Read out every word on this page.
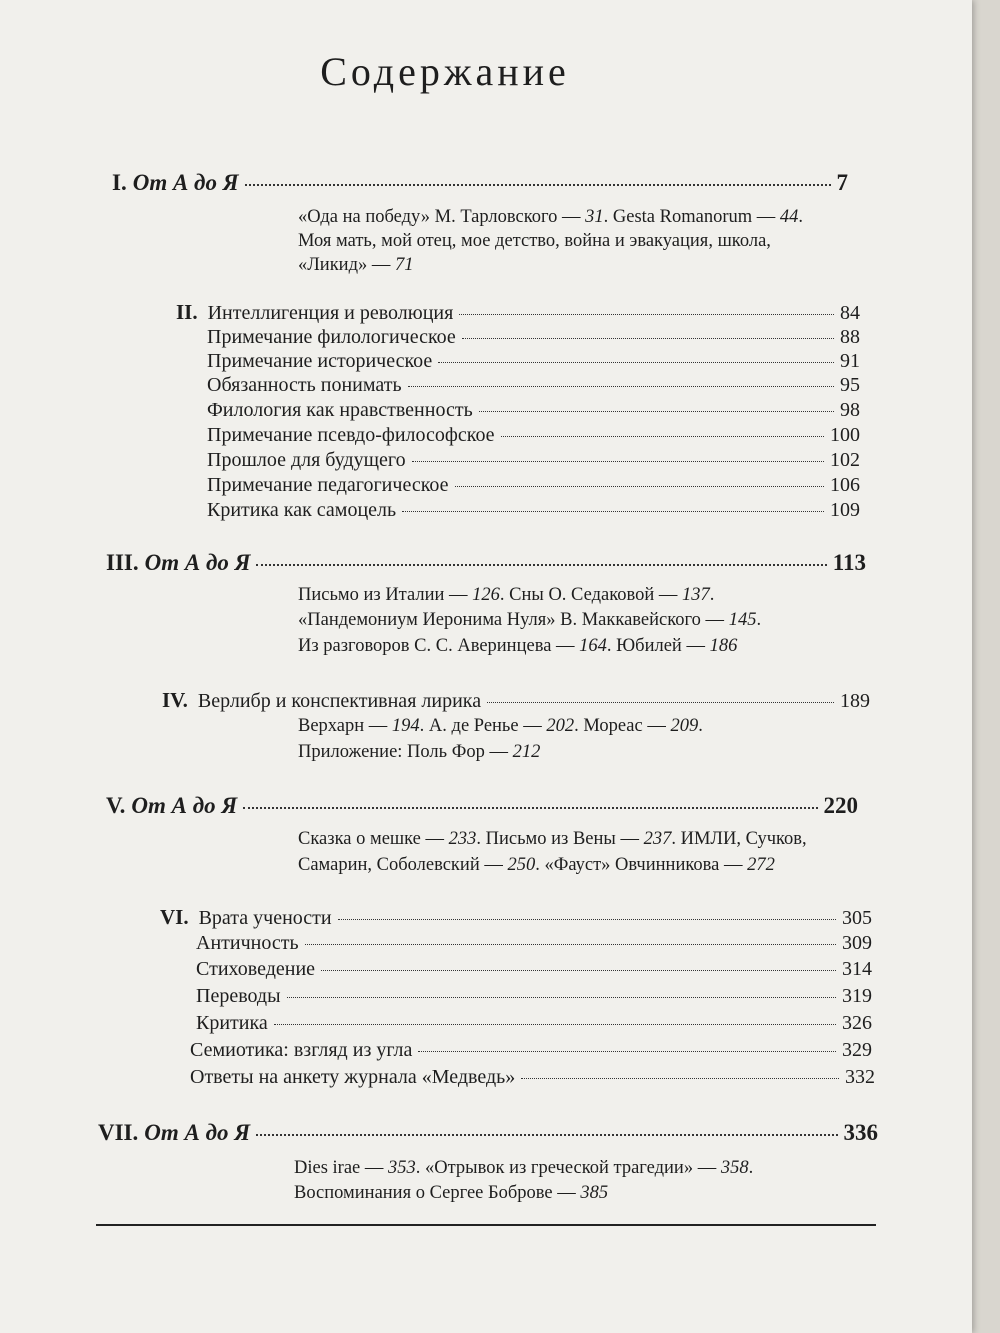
Содержание
I. От А до Я	7
«Ода на победу» М. Тарловского — 31. Gesta Romanorum — 44.
Моя мать, мой отец, мое детство, война и эвакуация, школа,
«Ликид» — 71
II. Интеллигенция и революция	84
Примечание филологическое	88
Примечание историческое	91
Обязанность понимать	95
Филология как нравственность	98
Примечание псевдо-философское	100
Прошлое для будущего	102
Примечание педагогическое	106
Критика как самоцель	109
III. От А до Я	113
Письмо из Италии — 126. Сны О. Седаковой — 137.
«Пандемониум Иеронима Нуля» В. Маккавейского — 145.
Из разговоров С. С. Аверинцева — 164. Юбилей — 186
IV. Верлибр и конспективная лирика	189
Верхарн — 194. А. де Ренье — 202. Мореас — 209.
Приложение: Поль Фор — 212
V. От А до Я	220
Сказка о мешке — 233. Письмо из Вены — 237. ИМЛИ, Сучков,
Самарин, Соболевский — 250. «Фауст» Овчинникова — 272
VI. Врата учености	305
Античность	309
Стиховедение	314
Переводы	319
Критика	326
Семиотика: взгляд из угла	329
Ответы на анкету журнала «Медведь»	332
VII. От А до Я	336
Dies irae — 353. «Отрывок из греческой трагедии» — 358.
Воспоминания о Сергее Боброве — 385
